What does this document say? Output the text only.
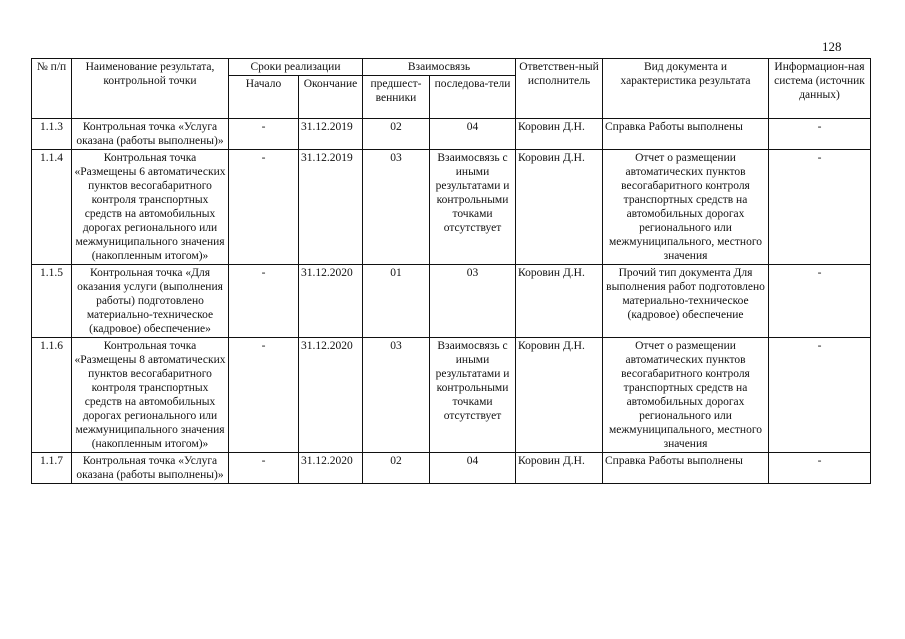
128
№ п/п	Наименование результата, контрольной точки	Сроки реализации		Взаимосвязь		Ответствен-ный исполнитель	Вид документа и характеристика результата	Информацион-ная система (источник данных)
		Начало	Окончание	предшест-венники	последова-тели			
1.1.3	Контрольная точка «Услуга оказана (работы выполнены)»	-	31.12.2019	02	04	Коровин Д.Н.	Справка Работы выполнены	-
1.1.4	Контрольная точка «Размещены 6 автоматических пунктов весогабаритного контроля транспортных средств на автомобильных дорогах регионального или межмуниципального значения (накопленным итогом)»	-	31.12.2019	03	Взаимосвязь с иными результатами и контрольными точками отсутствует	Коровин Д.Н.	Отчет о размещении автоматических пунктов весогабаритного контроля транспортных средств на автомобильных дорогах регионального или межмуниципального, местного значения	-
1.1.5	Контрольная точка «Для оказания услуги (выполнения работы) подготовлено материально-техническое (кадровое) обеспечение»	-	31.12.2020	01	03	Коровин Д.Н.	Прочий тип документа Для выполнения работ подготовлено материально-техническое (кадровое) обеспечение	-
1.1.6	Контрольная точка «Размещены 8 автоматических пунктов весогабаритного контроля транспортных средств на автомобильных дорогах регионального или межмуниципального значения (накопленным итогом)»	-	31.12.2020	03	Взаимосвязь с иными результатами и контрольными точками отсутствует	Коровин Д.Н.	Отчет о размещении автоматических пунктов весогабаритного контроля транспортных средств на автомобильных дорогах регионального или межмуниципального, местного значения	-
1.1.7	Контрольная точка «Услуга оказана (работы выполнены)»	-	31.12.2020	02	04	Коровин Д.Н.	Справка Работы выполнены	-
